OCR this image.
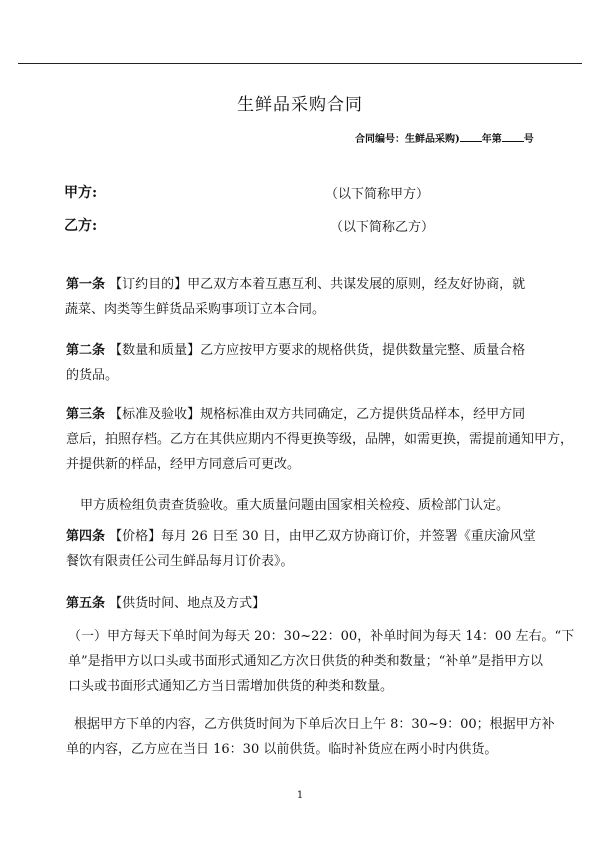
生鲜品采购合同
合同编号：生鲜品采购) 年第 号
甲方:	（以下简称甲方）
乙方:	（以下简称乙方）
第一条 【订约目的】甲乙双方本着互惠互利、共谋发展的原则，经友好协商，就
蔬菜、肉类等生鲜货品采购事项订立本合同。
第二条 【数量和质量】乙方应按甲方要求的规格供货，提供数量完整、质量合格
的货品。
第三条 【标准及验收】规格标准由双方共同确定，乙方提供货品样本，经甲方同
意后，拍照存档。乙方在其供应期内不得更换等级，品牌，如需更换，需提前通知甲方，
并提供新的样品，经甲方同意后可更改。
甲方质检组负责查货验收。重大质量问题由国家相关检疫、质检部门认定。
第四条 【价格】每月 26 日至 30 日，由甲乙双方协商订价，并签署《重庆渝风堂
餐饮有限责任公司生鲜品每月订价表》。
第五条 【供货时间、地点及方式】
（一）甲方每天下单时间为每天 20：30~22：00，补单时间为每天 14：00 左右。“下
单”是指甲方以口头或书面形式通知乙方次日供货的种类和数量；“补单”是指甲方以
口头或书面形式通知乙方当日需增加供货的种类和数量。
根据甲方下单的内容，乙方供货时间为下单后次日上午 8：30~9：00；根据甲方补
单的内容，乙方应在当日 16：30 以前供货。临时补货应在两小时内供货。
1
